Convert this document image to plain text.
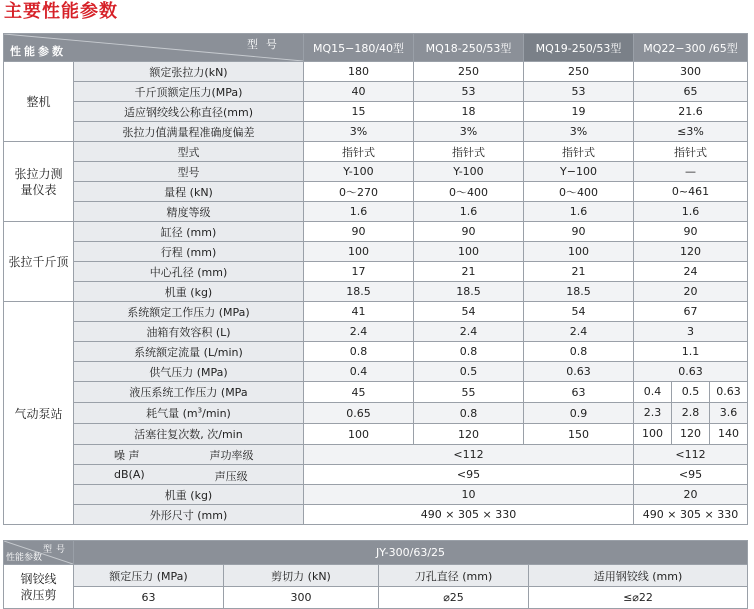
主要性能参数
型号
性能参数		MQ15−180/40型	MQ18-250/53型	MQ19-250/53型	MQ22−300 /65型
整机	额定张拉力(kN)	180	250	250	300
	千斤顶额定压力(MPa)	40	53	53	65
	适应钢绞线公称直径(mm)	15	18	19	21.6
	张拉力值满量程准确度偏差	3%	3%	3%	≤3%
张拉力测量仪表	型式	指针式	指针式	指针式	指针式
	型号	Y-100	Y-100	Y−100	—
	量程 (kN)	0～270	0～400	0～400	0~461
	精度等级	1.6	1.6	1.6	1.6
张拉千斤顶	缸径 (mm)	90	90	90	90
	行程 (mm)	100	100	100	120
	中心孔径 (mm)	17	21	21	24
	机重 (kg)	18.5	18.5	18.5	20
气动泵站	系统额定工作压力 (MPa)	41	54	54	67
	油箱有效容积 (L)	2.4	2.4	2.4	3
	系统额定流量 (L/min)	0.8	0.8	0.8	1.1
	供气压力 (MPa)	0.4	0.5	0.63	0.63
	液压系统工作压力 (MPa	45	55	63	0.4 0.5 0.63

	耗气量 $(m^3/\min)$	0.65	0.8	0.9	2.3 2.8 3.6

	活塞往复次数, 次/min	100	120	150	100 120 140

	噪 声 声功率级	<112			<112
	dB(A) 声压级	<95			<95
	机重 (kg)	10			20
	外形尺寸 (mm)	490 × 305 × 330			490 × 305 × 330
型号
性能参数	JY-300/63/25			
钢铰线液压剪	额定压力 (MPa)	剪切力 (kN)	刀孔直径 (mm)	适用钢铰线 (mm)
	63	300	⌀25	≤⌀22
